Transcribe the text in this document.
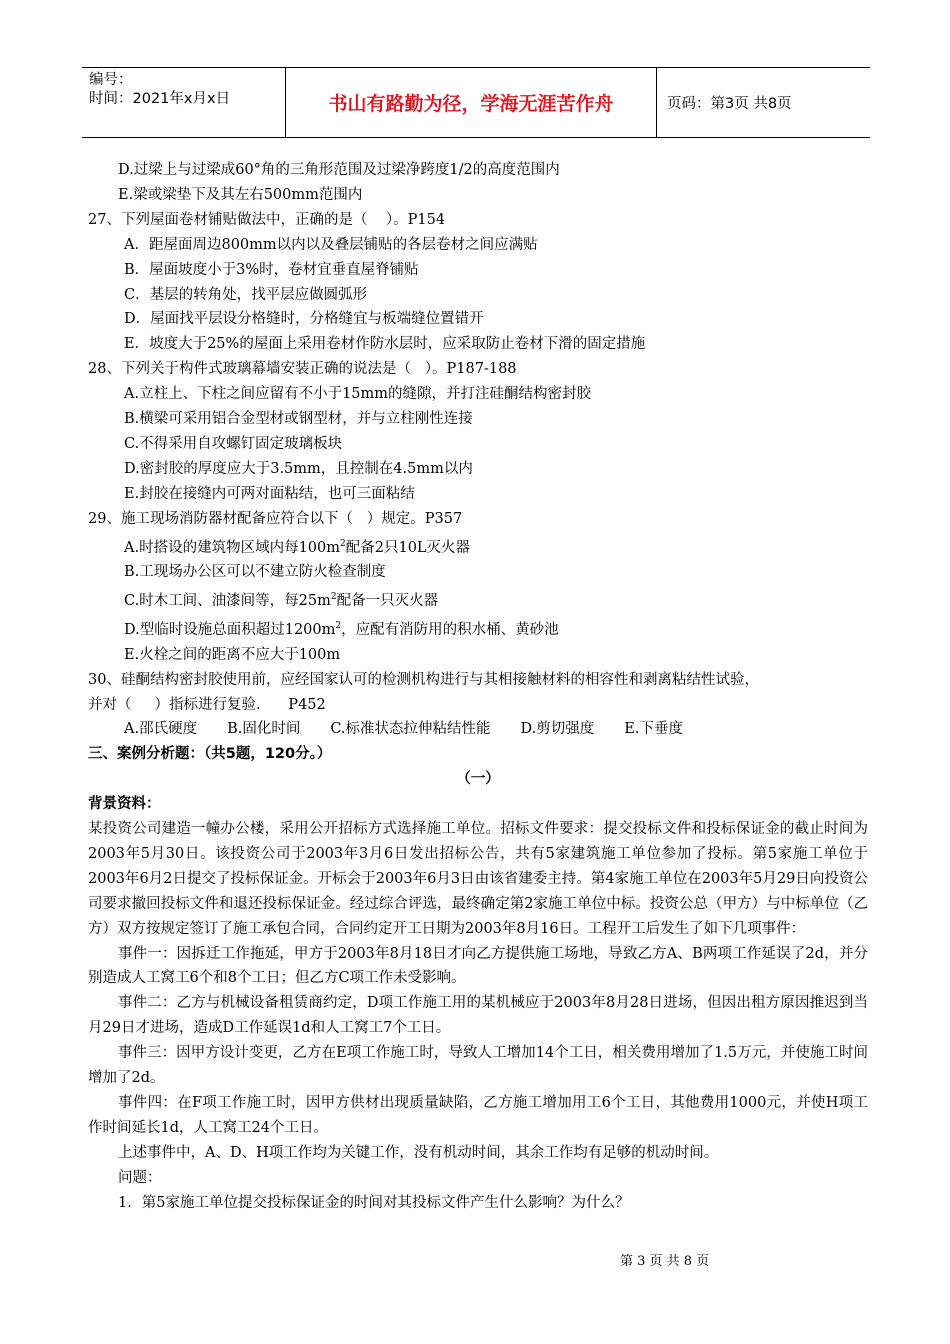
编号：
时间：2021年x月x日	书山有路勤为径，学海无涯苦作舟	页码：第3页 共8页
D.过梁上与过梁成60°角的三角形范围及过梁净跨度1/2的高度范围内
E.梁或梁垫下及其左右500mm范围内
27、下列屋面卷材铺贴做法中，正确的是（    ）。P154
A．距屋面周边800mm以内以及叠层铺贴的各层卷材之间应满贴
B．屋面坡度小于3%时，卷材宜垂直屋脊铺贴
C．基层的转角处，找平层应做圆弧形
D．屋面找平层设分格缝时，分格缝宜与板端缝位置错开
E．坡度大于25%的屋面上采用卷材作防水层时，应采取防止卷材下滑的固定措施
28、下列关于构件式玻璃幕墙安装正确的说法是（   ）。P187-188
A.立柱上、下柱之间应留有不小于15mm的缝隙，并打注硅酮结构密封胶
B.横梁可采用铝合金型材或钢型材，并与立柱刚性连接
C.不得采用自攻螺钉固定玻璃板块
D.密封胶的厚度应大于3.5mm，且控制在4.5mm以内
E.封胶在接缝内可两对面粘结，也可三面粘结
29、施工现场消防器材配备应符合以下（   ）规定。P357
A.时搭设的建筑物区域内每$100m^2$配备2只10L灭火器
B.工现场办公区可以不建立防火检查制度
C.时木工间、油漆间等，每$25m^2$配备一只灭火器
D.型临时设施总面积超过$1200m^2$，应配有消防用的积水桶、黄砂池
E.火栓之间的距离不应大于100m
30、硅酮结构密封胶使用前，应经国家认可的检测机构进行与其相接触材料的相容性和剥离粘结性试验，
并对（     ）指标进行复验.      P452
A.邵氏硬度 B.固化时间 C.标准状态拉伸粘结性能 D.剪切强度 E.下垂度
三、案例分析题：（共5题，120分。）
（一）
背景资料：
某投资公司建造一幢办公楼，采用公开招标方式选择施工单位。招标文件要求：提交投标文件和投标保证金的截止时间为2003年5月30日。该投资公司于2003年3月6日发出招标公告，共有5家建筑施工单位参加了投标。第5家施工单位于2003年6月2日提交了投标保证金。开标会于2003年6月3日由该省建委主持。第4家施工单位在2003年5月29日向投资公司要求撤回投标文件和退还投标保证金。经过综合评选，最终确定第2家施工单位中标。投资公总（甲方）与中标单位（乙方）双方按规定签订了施工承包合同，合同约定开工日期为2003年8月16日。工程开工后发生了如下几项事件：
事件一：因拆迁工作拖延，甲方于2003年8月18日才向乙方提供施工场地，导致乙方A、B两项工作延误了2d，并分别造成人工窝工6个和8个工日；但乙方C项工作未受影响。
事件二：乙方与机械设备租赁商约定，D项工作施工用的某机械应于2003年8月28日进场，但因出租方原因推迟到当月29日才进场，造成D工作延误1d和人工窝工7个工日。
事件三：因甲方设计变更，乙方在E项工作施工时，导致人工增加14个工日，相关费用增加了1.5万元，并使施工时间增加了2d。
事件四：在F项工作施工时，因甲方供材出现质量缺陷，乙方施工增加用工6个工日，其他费用1000元，并使H项工作时间延长1d，人工窝工24个工日。
上述事件中，A、D、H项工作均为关键工作，没有机动时间，其余工作均有足够的机动时间。
问题：
1．第5家施工单位提交投标保证金的时间对其投标文件产生什么影响？为什么？
第 3 页 共 8 页
